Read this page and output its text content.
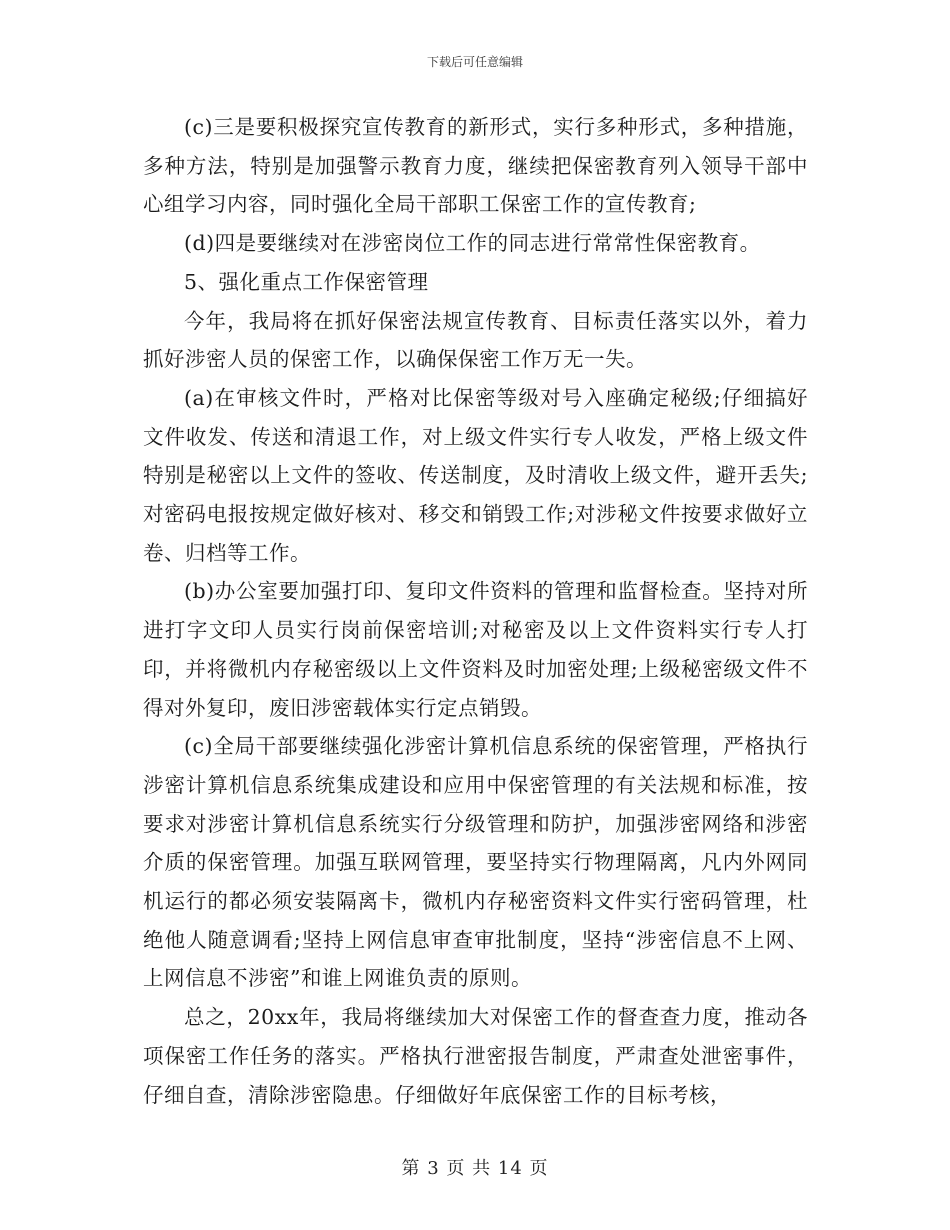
下载后可任意编辑

(c)三是要积极探究宣传教育的新形式，实行多种形式，多种措施，多种方法，特别是加强警示教育力度，继续把保密教育列入领导干部中心组学习内容，同时强化全局干部职工保密工作的宣传教育;

(d)四是要继续对在涉密岗位工作的同志进行常常性保密教育。

5、强化重点工作保密管理

今年，我局将在抓好保密法规宣传教育、目标责任落实以外，着力抓好涉密人员的保密工作，以确保保密工作万无一失。

(a)在审核文件时，严格对比保密等级对号入座确定秘级;仔细搞好文件收发、传送和清退工作，对上级文件实行专人收发，严格上级文件特别是秘密以上文件的签收、传送制度，及时清收上级文件，避开丢失;对密码电报按规定做好核对、移交和销毁工作;对涉秘文件按要求做好立卷、归档等工作。

(b)办公室要加强打印、复印文件资料的管理和监督检查。坚持对所进打字文印人员实行岗前保密培训;对秘密及以上文件资料实行专人打印，并将微机内存秘密级以上文件资料及时加密处理;上级秘密级文件不得对外复印，废旧涉密载体实行定点销毁。

(c)全局干部要继续强化涉密计算机信息系统的保密管理，严格执行涉密计算机信息系统集成建设和应用中保密管理的有关法规和标准，按要求对涉密计算机信息系统实行分级管理和防护，加强涉密网络和涉密介质的保密管理。加强互联网管理，要坚持实行物理隔离，凡内外网同机运行的都必须安装隔离卡，微机内存秘密资料文件实行密码管理，杜绝他人随意调看;坚持上网信息审查审批制度，坚持“涉密信息不上网、上网信息不涉密”和谁上网谁负责的原则。

总之，20xx年，我局将继续加大对保密工作的督查查力度，推动各项保密工作任务的落实。严格执行泄密报告制度，严肃查处泄密事件，仔细自查，清除涉密隐患。仔细做好年底保密工作的目标考核，

第 3 页 共 14 页
